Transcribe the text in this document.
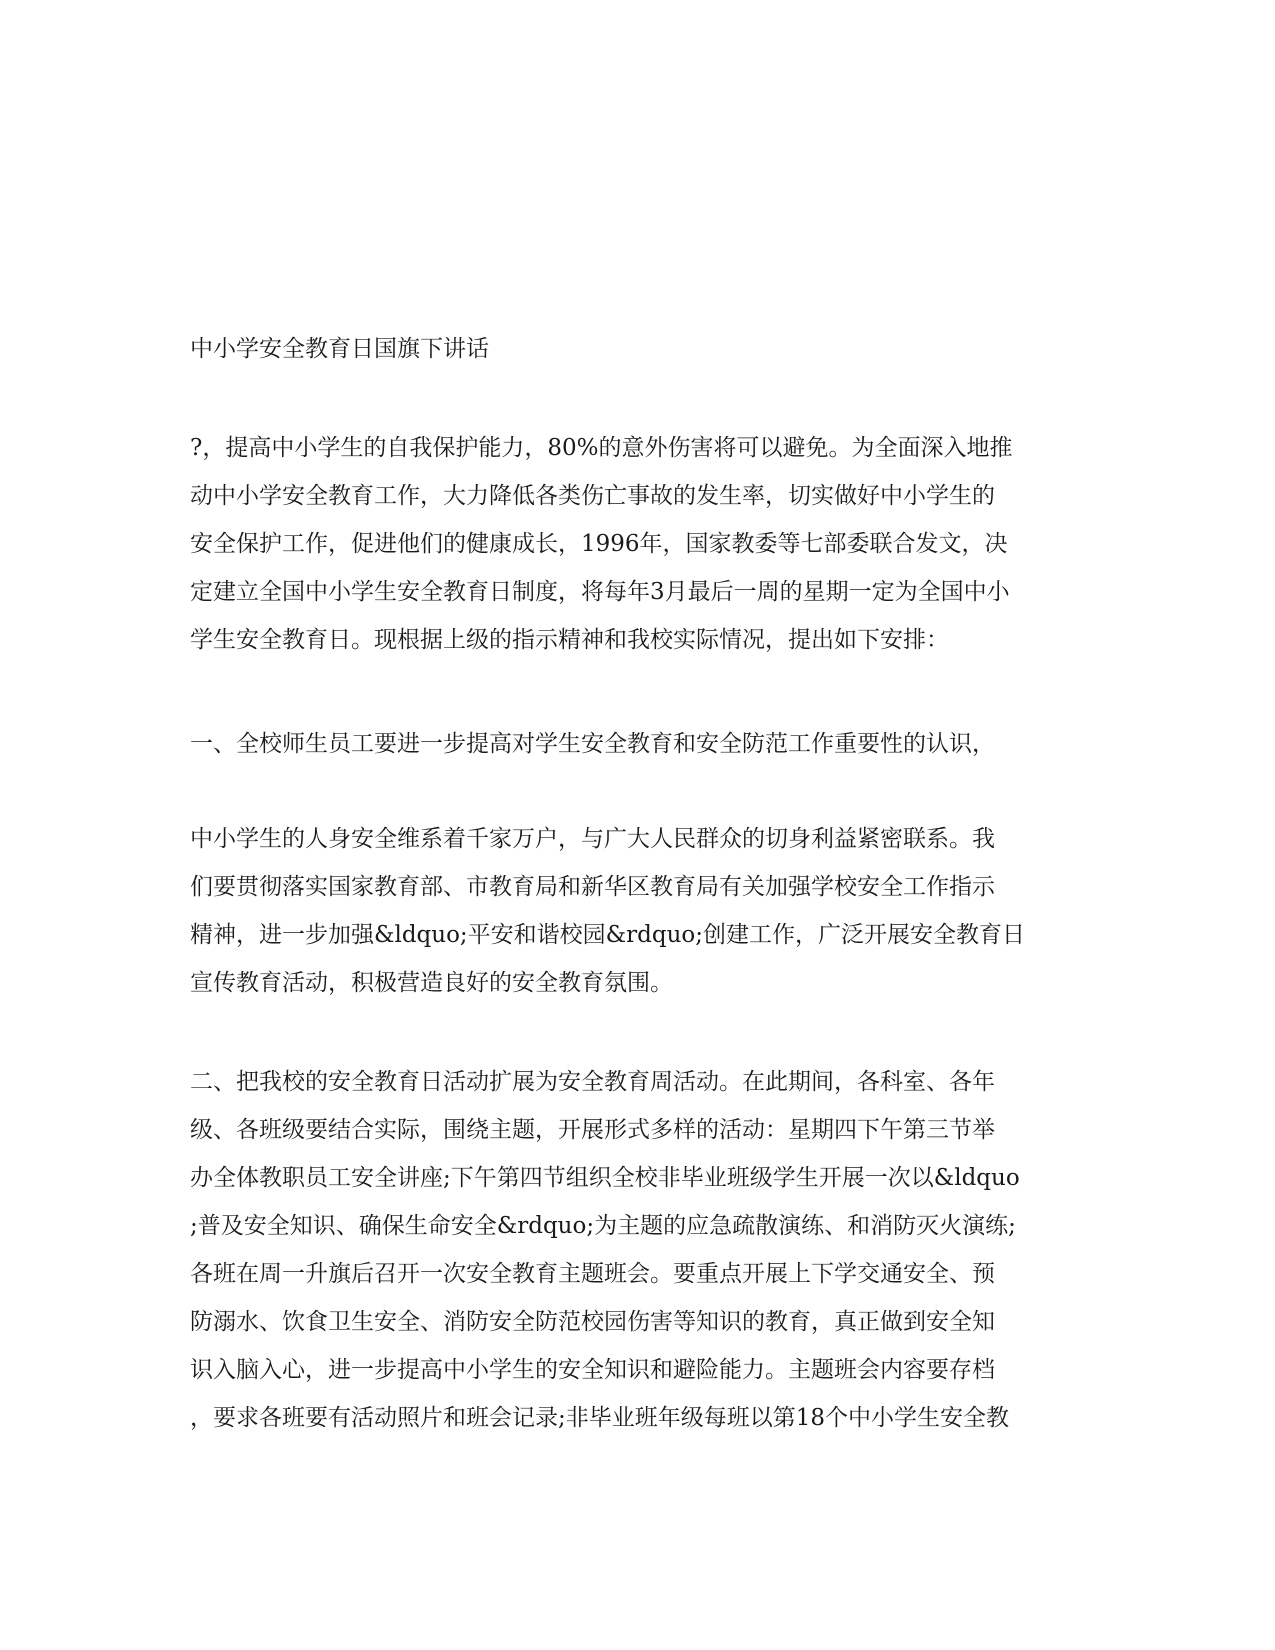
中小学安全教育日国旗下讲话
?，提高中小学生的自我保护能力，80%的意外伤害将可以避免。为全面深入地推
动中小学安全教育工作，大力降低各类伤亡事故的发生率，切实做好中小学生的
安全保护工作，促进他们的健康成长，1996年，国家教委等七部委联合发文，决
定建立全国中小学生安全教育日制度，将每年3月最后一周的星期一定为全国中小
学生安全教育日。现根据上级的指示精神和我校实际情况，提出如下安排：
一、全校师生员工要进一步提高对学生安全教育和安全防范工作重要性的认识，
中小学生的人身安全维系着千家万户，与广大人民群众的切身利益紧密联系。我
们要贯彻落实国家教育部、市教育局和新华区教育局有关加强学校安全工作指示
精神，进一步加强&ldquo;平安和谐校园&rdquo;创建工作，广泛开展安全教育日
宣传教育活动，积极营造良好的安全教育氛围。
二、把我校的安全教育日活动扩展为安全教育周活动。在此期间，各科室、各年
级、各班级要结合实际，围绕主题，开展形式多样的活动：星期四下午第三节举
办全体教职员工安全讲座;下午第四节组织全校非毕业班级学生开展一次以&ldquo
;普及安全知识、确保生命安全&rdquo;为主题的应急疏散演练、和消防灭火演练;
各班在周一升旗后召开一次安全教育主题班会。要重点开展上下学交通安全、预
防溺水、饮食卫生安全、消防安全防范校园伤害等知识的教育，真正做到安全知
识入脑入心，进一步提高中小学生的安全知识和避险能力。主题班会内容要存档
，要求各班要有活动照片和班会记录;非毕业班年级每班以第18个中小学生安全教
